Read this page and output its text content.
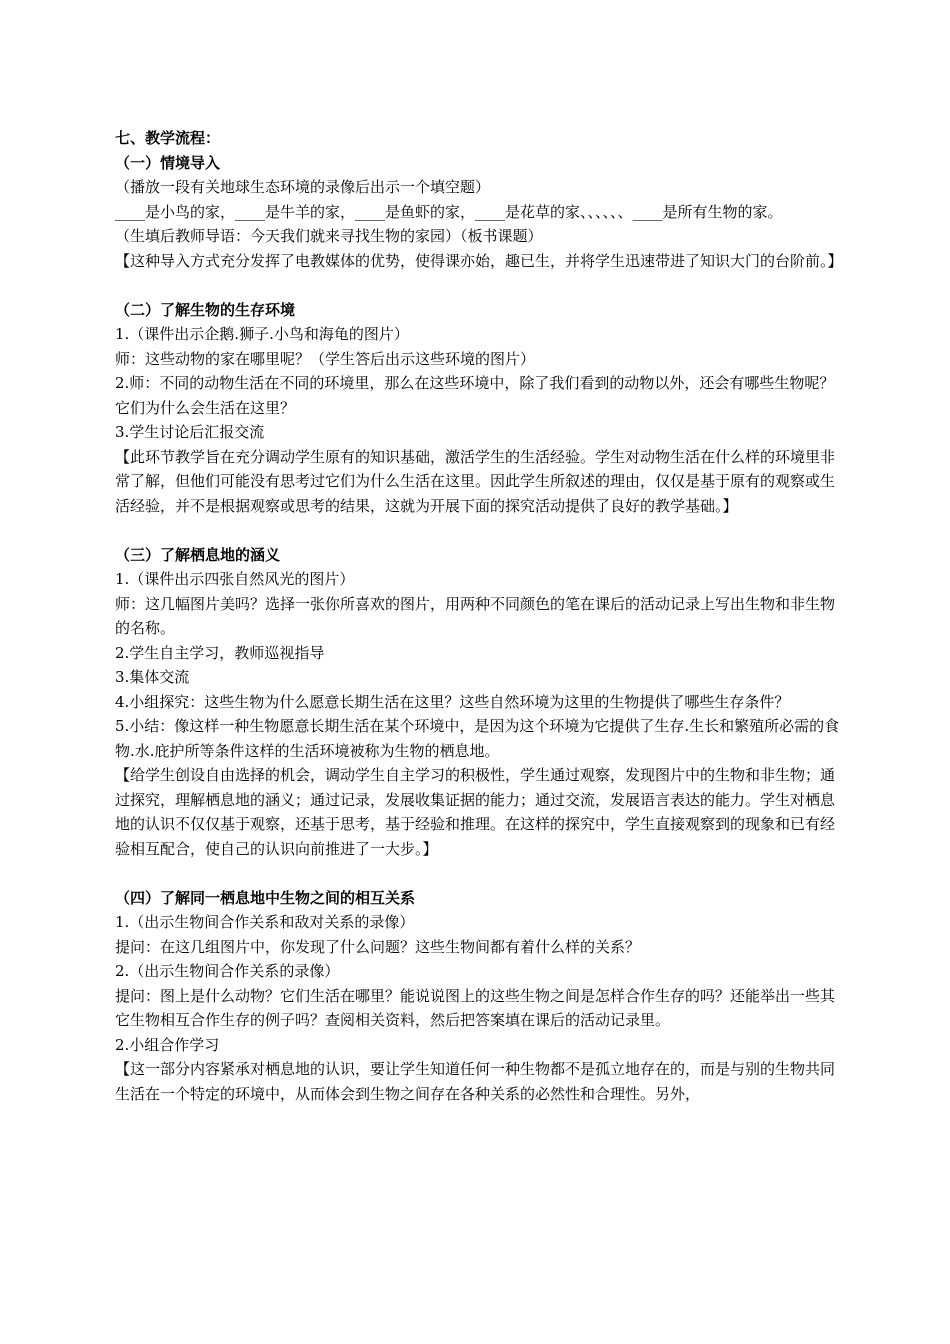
七、教学流程：

（一）情境导入

（播放一段有关地球生态环境的录像后出示一个填空题）

____是小鸟的家，____是牛羊的家，____是鱼虾的家，____是花草的家、、、、、、____是所有生物的家。

（生填后教师导语：今天我们就来寻找生物的家园）（板书课题）

【这种导入方式充分发挥了电教媒体的优势，使得课亦始，趣已生，并将学生迅速带进了知识大门的台阶前。】

（二）了解生物的生存环境

1.（课件出示企鹅.狮子.小鸟和海龟的图片）

师：这些动物的家在哪里呢？（学生答后出示这些环境的图片）

2.师：不同的动物生活在不同的环境里，那么在这些环境中，除了我们看到的动物以外，还会有哪些生物呢？它们为什么会生活在这里？

3.学生讨论后汇报交流

【此环节教学旨在充分调动学生原有的知识基础，激活学生的生活经验。学生对动物生活在什么样的环境里非常了解，但他们可能没有思考过它们为什么生活在这里。因此学生所叙述的理由，仅仅是基于原有的观察或生活经验，并不是根据观察或思考的结果，这就为开展下面的探究活动提供了良好的教学基础。】

（三）了解栖息地的涵义

1.（课件出示四张自然风光的图片）

师：这几幅图片美吗？选择一张你所喜欢的图片，用两种不同颜色的笔在课后的活动记录上写出生物和非生物的名称。

2.学生自主学习，教师巡视指导

3.集体交流

4.小组探究：这些生物为什么愿意长期生活在这里？这些自然环境为这里的生物提供了哪些生存条件？

5.小结：像这样一种生物愿意长期生活在某个环境中，是因为这个环境为它提供了生存.生长和繁殖所必需的食物.水.庇护所等条件这样的生活环境被称为生物的栖息地。

【给学生创设自由选择的机会，调动学生自主学习的积极性，学生通过观察，发现图片中的生物和非生物；通过探究，理解栖息地的涵义；通过记录，发展收集证据的能力；通过交流，发展语言表达的能力。学生对栖息地的认识不仅仅基于观察，还基于思考，基于经验和推理。在这样的探究中，学生直接观察到的现象和已有经验相互配合，使自己的认识向前推进了一大步。】

（四）了解同一栖息地中生物之间的相互关系

1.（出示生物间合作关系和敌对关系的录像）

提问：在这几组图片中，你发现了什么问题？这些生物间都有着什么样的关系？

2.（出示生物间合作关系的录像）

提问：图上是什么动物？它们生活在哪里？能说说图上的这些生物之间是怎样合作生存的吗？还能举出一些其它生物相互合作生存的例子吗？查阅相关资料，然后把答案填在课后的活动记录里。

2.小组合作学习

【这一部分内容紧承对栖息地的认识，要让学生知道任何一种生物都不是孤立地存在的，而是与别的生物共同生活在一个特定的环境中，从而体会到生物之间存在各种关系的必然性和合理性。另外，
